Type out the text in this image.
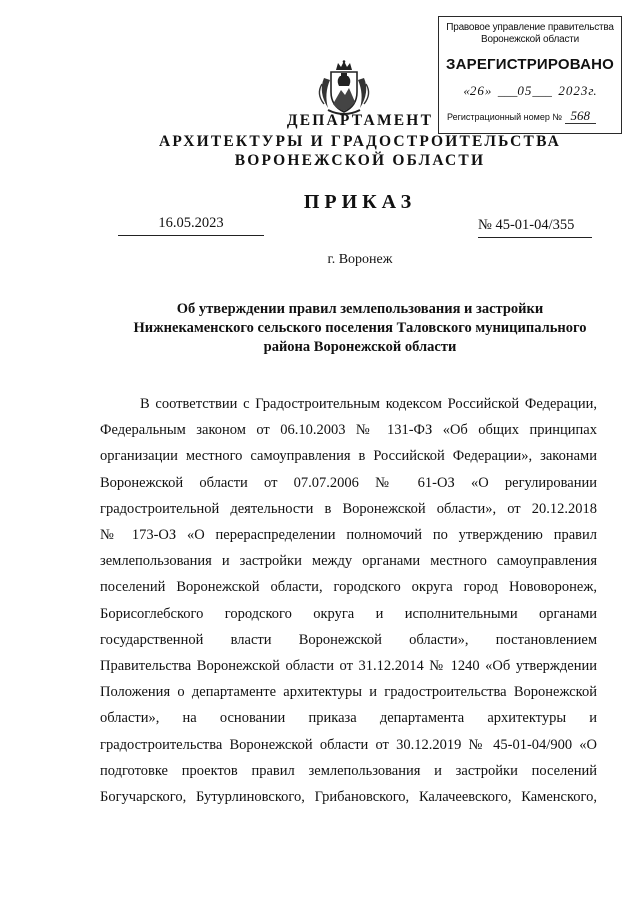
Правовое управление правительства
Воронежской области
ЗАРЕГИСТРИРОВАНО
«26»  ___05___  2023г.
Регистрационный номер № 568
ДЕПАРТАМЕНТ
АРХИТЕКТУРЫ И ГРАДОСТРОИТЕЛЬСТВА
ВОРОНЕЖСКОЙ ОБЛАСТИ
ПРИКАЗ
16.05.2023	№ 45-01-04/355
г. Воронеж
Об утверждении правил землепользования и застройки
Нижнекаменского сельского поселения Таловского муниципального
района Воронежской области
В соответствии с Градостроительным кодексом Российской Федерации,
Федеральным законом от 06.10.2003 № 131-ФЗ «Об общих принципах
организации местного самоуправления в Российской Федерации», законами
Воронежской области от 07.07.2006 № 61-ОЗ «О регулировании
градостроительной деятельности в Воронежской области», от 20.12.2018
№ 173-ОЗ «О перераспределении полномочий по утверждению правил
землепользования и застройки между органами местного самоуправления
поселений Воронежской области, городского округа город Нововоронеж,
Борисоглебского городского округа и исполнительными органами
государственной власти Воронежской области», постановлением
Правительства Воронежской области от 31.12.2014 № 1240 «Об утверждении
Положения о департаменте архитектуры и градостроительства Воронежской
области», на основании приказа департамента архитектуры и
градостроительства Воронежской области от 30.12.2019 № 45-01-04/900 «О
подготовке проектов правил землепользования и застройки поселений
Богучарского, Бутурлиновского, Грибановского, Калачеевского, Каменского,
